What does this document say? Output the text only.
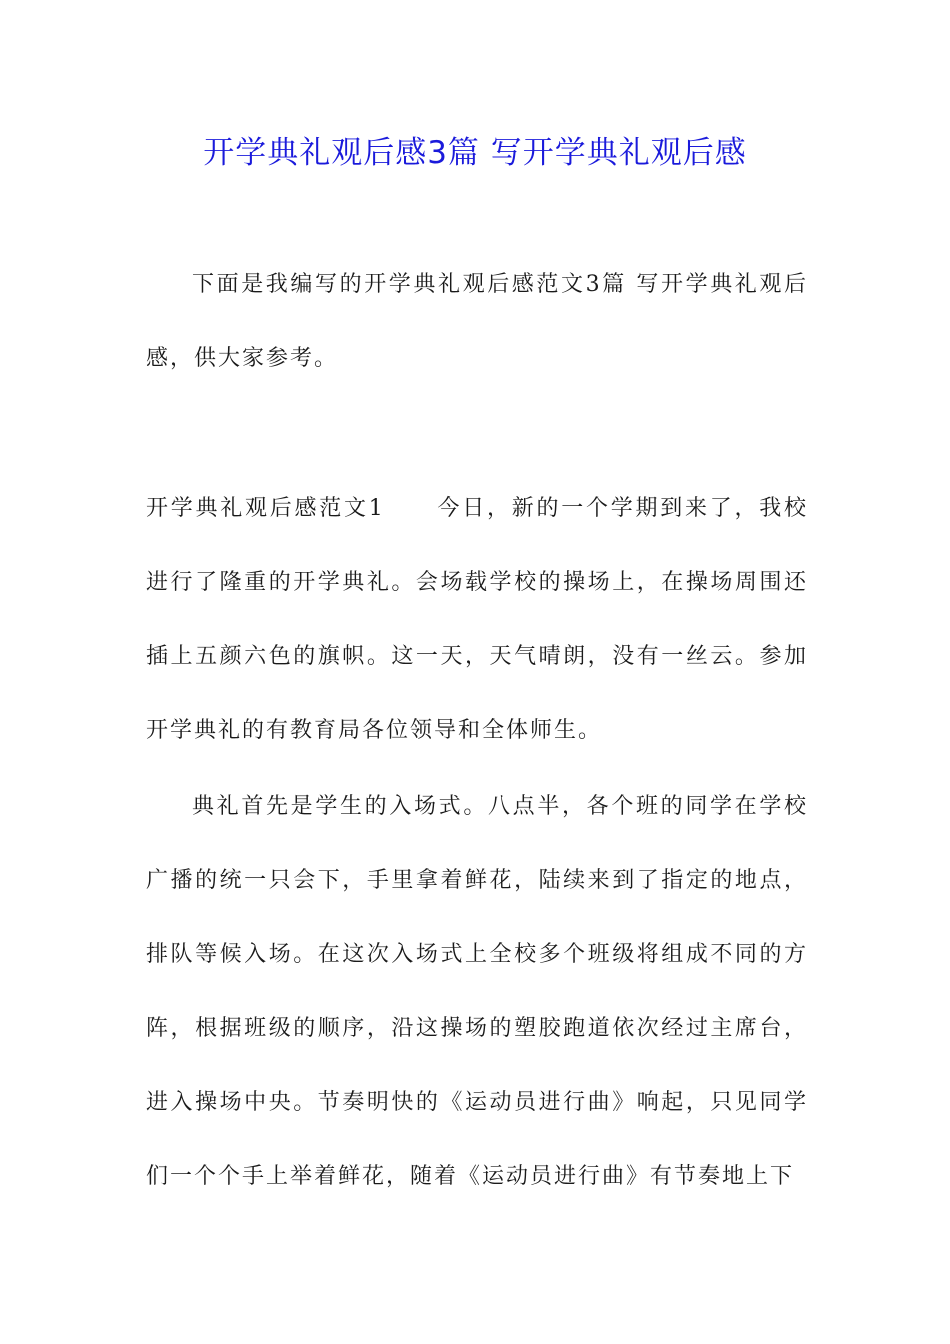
开学典礼观后感3篇 写开学典礼观后感

下面是我编写的开学典礼观后感范文3篇 写开学典礼观后感，供大家参考。

开学典礼观后感范文1 今日，新的一个学期到来了，我校进行了隆重的开学典礼。会场载学校的操场上，在操场周围还插上五颜六色的旗帜。这一天，天气晴朗，没有一丝云。参加开学典礼的有教育局各位领导和全体师生。

典礼首先是学生的入场式。八点半，各个班的同学在学校广播的统一只会下，手里拿着鲜花，陆续来到了指定的地点，排队等候入场。在这次入场式上全校多个班级将组成不同的方阵，根据班级的顺序，沿这操场的塑胶跑道依次经过主席台，进入操场中央。节奏明快的《运动员进行曲》响起，只见同学们一个个手上举着鲜花，随着《运动员进行曲》有节奏地上下
